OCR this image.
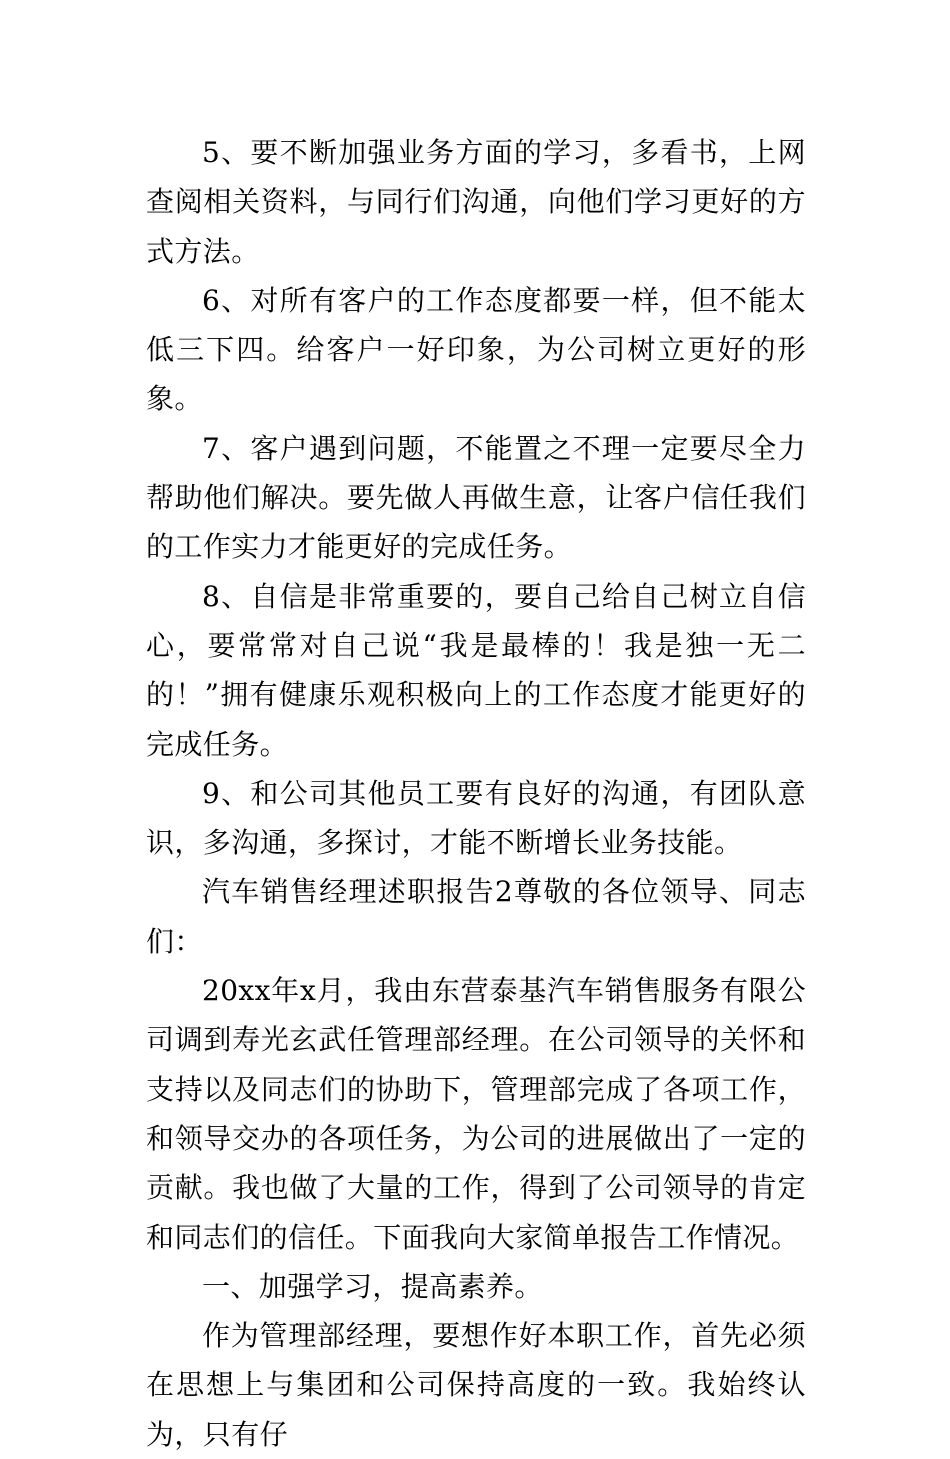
5、要不断加强业务方面的学习，多看书，上网查阅相关资料，与同行们沟通，向他们学习更好的方式方法。

6、对所有客户的工作态度都要一样，但不能太低三下四。给客户一好印象，为公司树立更好的形象。

7、客户遇到问题，不能置之不理一定要尽全力帮助他们解决。要先做人再做生意，让客户信任我们的工作实力才能更好的完成任务。

8、自信是非常重要的，要自己给自己树立自信心，要常常对自己说“我是最棒的！我是独一无二的！”拥有健康乐观积极向上的工作态度才能更好的完成任务。

9、和公司其他员工要有良好的沟通，有团队意识，多沟通，多探讨，才能不断增长业务技能。

汽车销售经理述职报告2尊敬的各位领导、同志们：

20xx年x月，我由东营泰基汽车销售服务有限公司调到寿光玄武任管理部经理。在公司领导的关怀和支持以及同志们的协助下，管理部完成了各项工作，和领导交办的各项任务，为公司的进展做出了一定的贡献。我也做了大量的工作，得到了公司领导的肯定和同志们的信任。下面我向大家简单报告工作情况。

一、加强学习，提高素养。

作为管理部经理，要想作好本职工作，首先必须在思想上与集团和公司保持高度的一致。我始终认为，只有仔
